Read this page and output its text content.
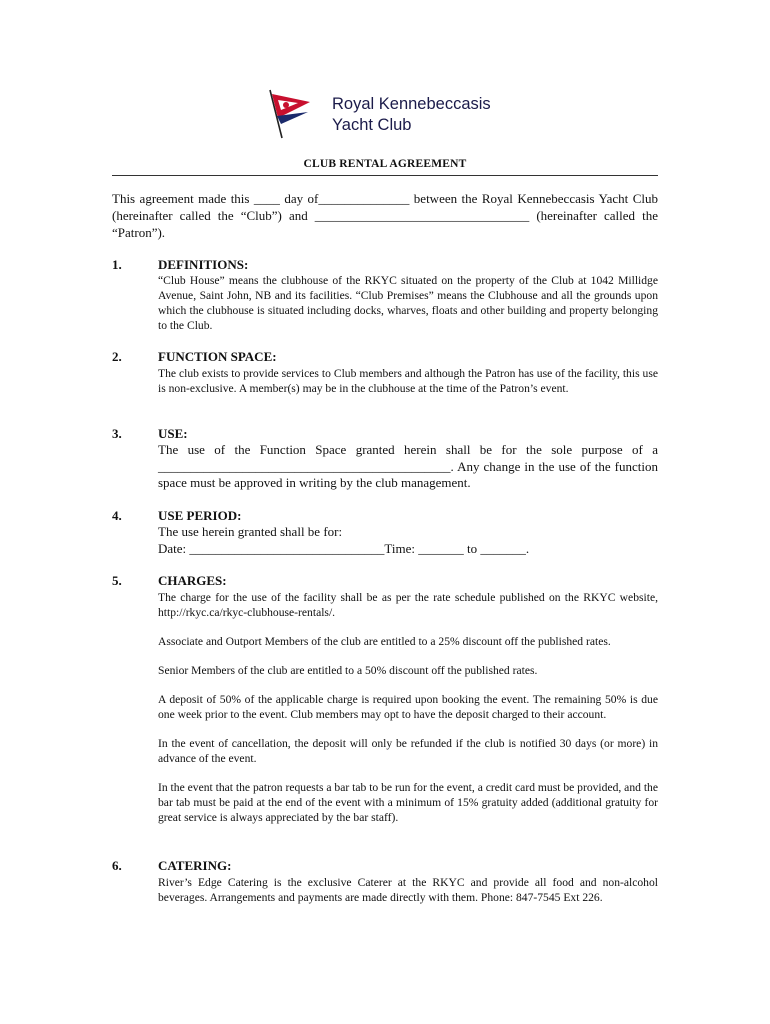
Royal Kennebeccasis
Yacht Club
CLUB RENTAL AGREEMENT
This agreement made this ____ day of______________ between the Royal Kennebeccasis Yacht Club (hereinafter called the “Club”) and _________________________________ (hereinafter called the “Patron”).
1.	DEFINITIONS:

“Club House” means the clubhouse of the RKYC situated on the property of the Club at 1042 Millidge Avenue, Saint John, NB and its facilities. “Club Premises” means the Clubhouse and all the grounds upon which the clubhouse is situated including docks, wharves, floats and other building and property belonging to the Club.

2.	FUNCTION SPACE:

The club exists to provide services to Club members and although the Patron has use of the facility, this use is non-exclusive. A member(s) may be in the clubhouse at the time of the Patron’s event.

3.	USE:

The use of the Function Space granted herein shall be for the sole purpose of a _____________________________________________. Any change in the use of the function space must be approved in writing by the club management.

4.	USE PERIOD:
The use herein granted shall be for:
Date: ______________________________Time: _______ to _______.
5.	CHARGES:

The charge for the use of the facility shall be as per the rate schedule published on the RKYC website, http://rkyc.ca/rkyc-clubhouse-rentals/.

Associate and Outport Members of the club are entitled to a 25% discount off the published rates.

Senior Members of the club are entitled to a 50% discount off the published rates.

A deposit of 50% of the applicable charge is required upon booking the event. The remaining 50% is due one week prior to the event. Club members may opt to have the deposit charged to their account.

In the event of cancellation, the deposit will only be refunded if the club is notified 30 days (or more) in advance of the event.

In the event that the patron requests a bar tab to be run for the event, a credit card must be provided, and the bar tab must be paid at the end of the event with a minimum of 15% gratuity added (additional gratuity for great service is always appreciated by the bar staff).

6.	CATERING:

River’s Edge Catering is the exclusive Caterer at the RKYC and provide all food and non-alcohol beverages. Arrangements and payments are made directly with them. Phone: 847-7545 Ext 226.
